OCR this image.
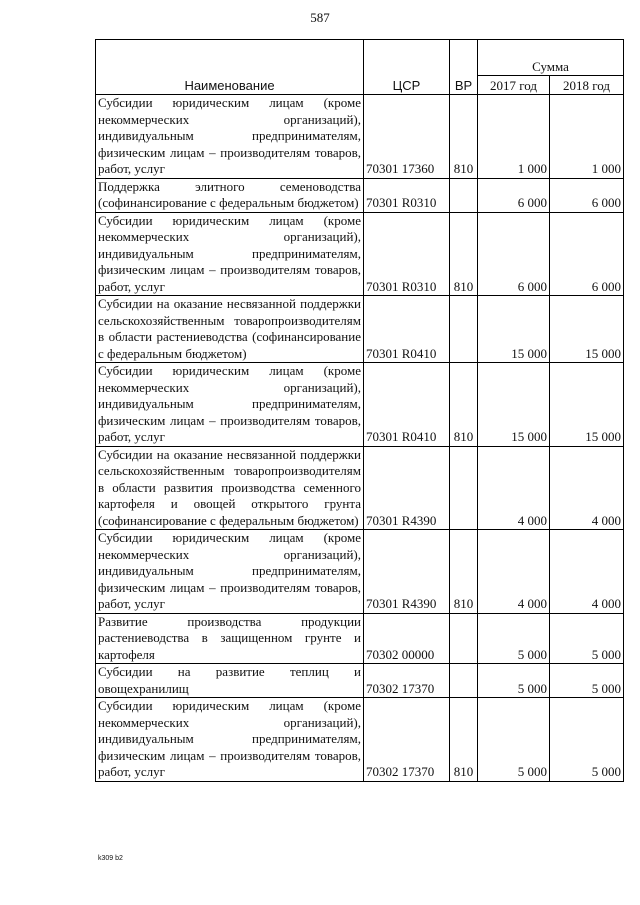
587
Наименование	ЦСР	ВР	Сумма	
			2017 год	2018 год
Субсидии юридическим лицам (кроме некоммерческих организаций), индивидуальным предпринимателям, физическим лицам – производителям товаров, работ, услуг	70301 17360	810	1 000	1 000
Поддержка элитного семеноводства (софинансирование с федеральным бюджетом)	70301 R0310		6 000	6 000
Субсидии юридическим лицам (кроме некоммерческих организаций), индивидуальным предпринимателям, физическим лицам – производителям товаров, работ, услуг	70301 R0310	810	6 000	6 000
Субсидии на оказание несвязанной поддержки сельскохозяйственным товаропроизводителям в области растениеводства (софинансирование с федеральным бюджетом)	70301 R0410		15 000	15 000
Субсидии юридическим лицам (кроме некоммерческих организаций), индивидуальным предпринимателям, физическим лицам – производителям товаров, работ, услуг	70301 R0410	810	15 000	15 000
Субсидии на оказание несвязанной поддержки сельскохозяйственным товаропроизводителям в области развития производства семенного картофеля и овощей открытого грунта (софинансирование с федеральным бюджетом)	70301 R4390		4 000	4 000
Субсидии юридическим лицам (кроме некоммерческих организаций), индивидуальным предпринимателям, физическим лицам – производителям товаров, работ, услуг	70301 R4390	810	4 000	4 000
Развитие производства продукции растениеводства в защищенном грунте и картофеля	70302 00000		5 000	5 000
Субсидии на развитие теплиц и овощехранилищ	70302 17370		5 000	5 000
Субсидии юридическим лицам (кроме некоммерческих организаций), индивидуальным предпринимателям, физическим лицам – производителям товаров, работ, услуг	70302 17370	810	5 000	5 000
k309 b2
